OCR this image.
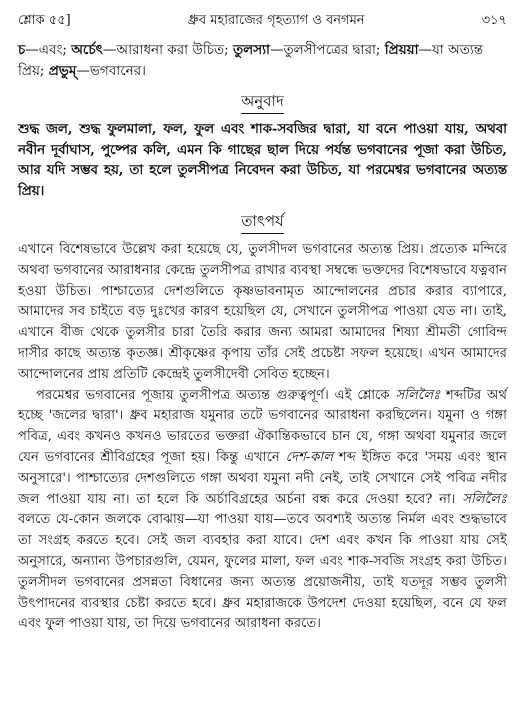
শ্লোক ৫৫]	ধ্রুব মহারাজের গৃহত্যাগ ও বনগমন	৩১৭
চ—এবং; অর্চেৎ—আরাধনা করা উচিত; তুলস্যা—তুলসীপত্রের দ্বারা; প্রিয়য়া—যা অত্যন্ত প্রিয়; প্রভুম্—ভগবানের।
অনুবাদ
শুদ্ধ জল, শুদ্ধ ফুলমালা, ফল, ফুল এবং শাক-সবজির দ্বারা, যা বনে পাওয়া যায়, অথবা নবীন দূর্বাঘাস, পুষ্পের কলি, এমন কি গাছের ছাল দিয়ে পর্যন্ত ভগবানের পূজা করা উচিত, আর যদি সম্ভব হয়, তা হলে তুলসীপত্র নিবেদন করা উচিত, যা পরমেশ্বর ভগবানের অত্যন্ত প্রিয়।
তাৎপর্য

এখানে বিশেষভাবে উল্লেখ করা হয়েছে যে, তুলসীদল ভগবানের অত্যন্ত প্রিয়। প্রত্যেক মন্দিরে অথবা ভগবানের আরাধনার কেন্দ্রে তুলসীপত্র রাখার ব্যবস্থা সম্বন্ধে ভক্তদের বিশেষভাবে যত্নবান হওয়া উচিত। পাশ্চাত্যের দেশগুলিতে কৃষ্ণভাবনামৃত আন্দোলনের প্রচার করার ব্যাপারে, আমাদের সব চাইতে বড় দুঃখের কারণ হয়েছিল যে, সেখানে তুলসীপত্র পাওয়া যেত না। তাই, এখানে বীজ থেকে তুলসীর চারা তৈরি করার জন্য আমরা আমাদের শিষ্যা শ্রীমতী গোবিন্দ দাসীর কাছে অত্যন্ত কৃতজ্ঞ। শ্রীকৃষ্ণের কৃপায় তাঁর সেই প্রচেষ্টা সফল হয়েছে। এখন আমাদের আন্দোলনের প্রায় প্রতিটি কেন্দ্রেই তুলসীদেবী সেবিত হচ্ছেন।

পরমেশ্বর ভগবানের পূজায় তুলসীপত্র অত্যন্ত গুরুত্বপূর্ণ। এই শ্লোকে সলিলৈঃ শব্দটির অর্থ হচ্ছে 'জলের দ্বারা'। ধ্রুব মহারাজ যমুনার তটে ভগবানের আরাধনা করছিলেন। যমুনা ও গঙ্গা পবিত্র, এবং কখনও কখনও ভারতের ভক্তরা ঐকান্তিকভাবে চান যে, গঙ্গা অথবা যমুনার জলে যেন ভগবানের শ্রীবিগ্রহের পূজা হয়। কিন্তু এখানে দেশ-কাল শব্দ ইঙ্গিত করে 'সময় এবং স্থান অনুসারে'। পাশ্চাত্যের দেশগুলিতে গঙ্গা অথবা যমুনা নদী নেই, তাই সেখানে সেই পবিত্র নদীর জল পাওয়া যায় না। তা হলে কি অর্চাবিগ্রহের অর্চনা বন্ধ করে দেওয়া হবে? না। সলিলৈঃ বলতে যে-কোন জলকে বোঝায়—যা পাওয়া যায়—তবে অবশ্যই অত্যন্ত নির্মল এবং শুদ্ধভাবে তা সংগ্রহ করতে হবে। সেই জল ব্যবহার করা যাবে। দেশ এবং কখন কি পাওয়া যায় সেই অনুসারে, অন্যান্য উপচারগুলি, যেমন, ফুলের মালা, ফল এবং শাক-সবজি সংগ্রহ করা উচিত। তুলসীদল ভগবানের প্রসন্নতা বিধানের জন্য অত্যন্ত প্রয়োজনীয়, তাই যতদূর সম্ভব তুলসী উৎপাদনের ব্যবস্থার চেষ্টা করতে হবে। ধ্রুব মহারাজকে উপদেশ দেওয়া হয়েছিল, বনে যে ফল এবং ফুল পাওয়া যায়, তা দিয়ে ভগবানের আরাধনা করতে।
